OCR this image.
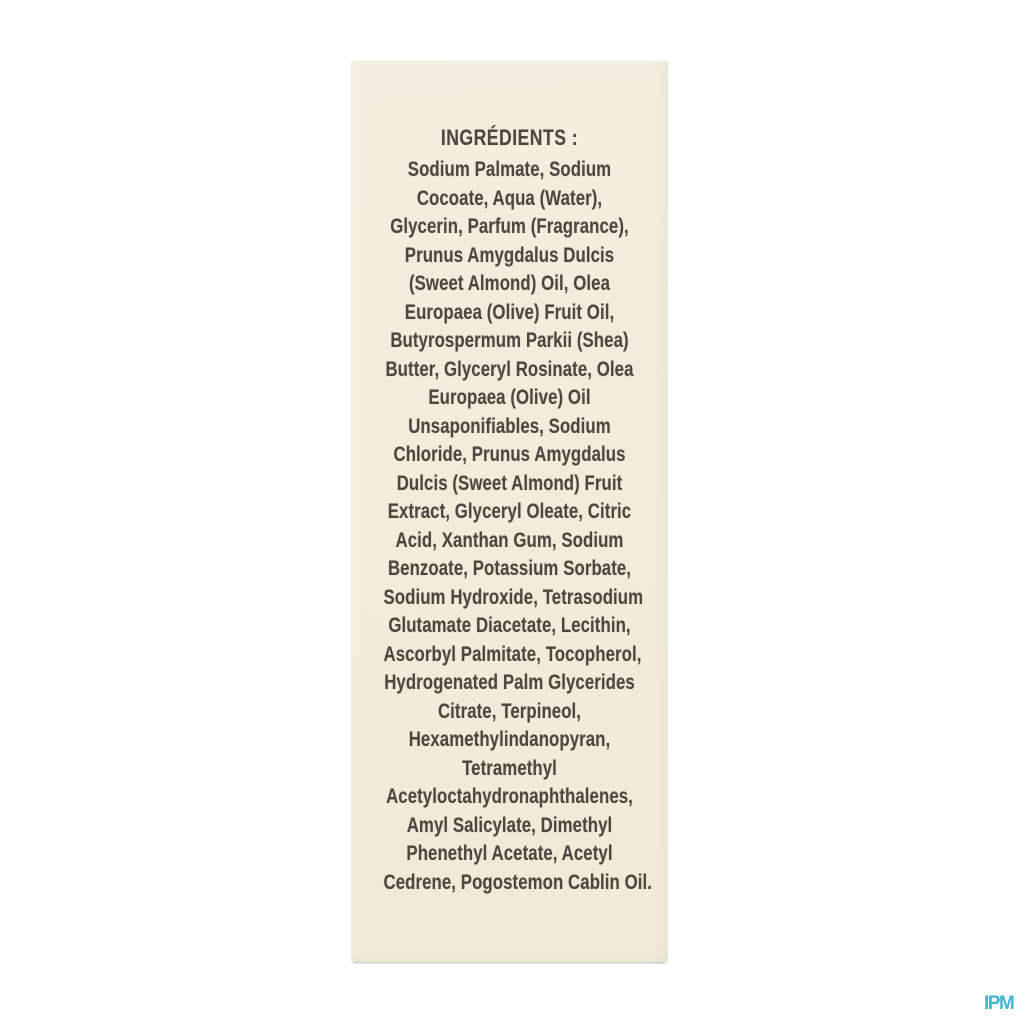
INGRÉDIENTS :
Sodium Palmate, Sodium
Cocoate, Aqua (Water),
Glycerin, Parfum (Fragrance),
Prunus Amygdalus Dulcis
(Sweet Almond) Oil, Olea
Europaea (Olive) Fruit Oil,
Butyrospermum Parkii (Shea)
Butter, Glyceryl Rosinate, Olea
Europaea (Olive) Oil
Unsaponifiables, Sodium
Chloride, Prunus Amygdalus
Dulcis (Sweet Almond) Fruit
Extract, Glyceryl Oleate, Citric
Acid, Xanthan Gum, Sodium
Benzoate, Potassium Sorbate,
Sodium Hydroxide, Tetrasodium
Glutamate Diacetate, Lecithin,
Ascorbyl Palmitate, Tocopherol,
Hydrogenated Palm Glycerides
Citrate, Terpineol,
Hexamethylindanopyran,
Tetramethyl
Acetyloctahydronaphthalenes,
Amyl Salicylate, Dimethyl
Phenethyl Acetate, Acetyl
Cedrene, Pogostemon Cablin Oil.
IPM
